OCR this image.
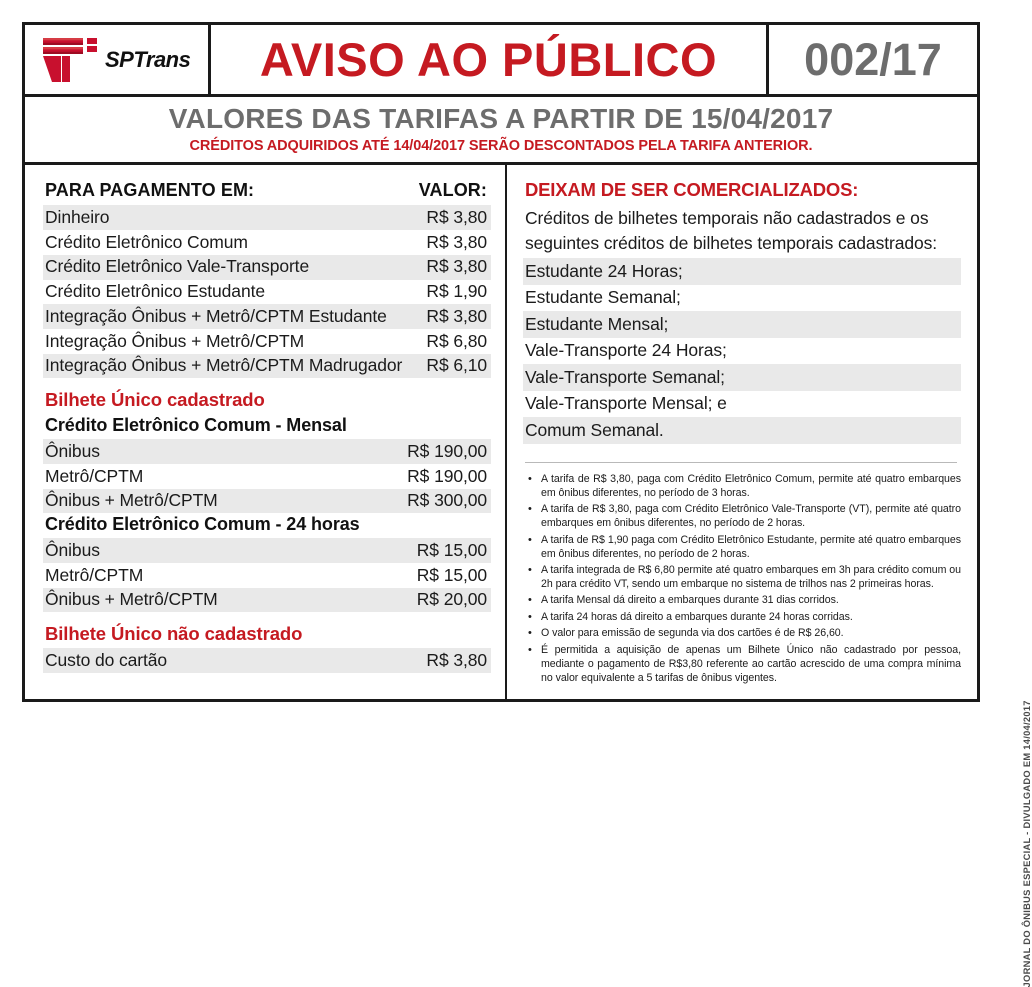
SPTrans AVISO AO PÚBLICO 002/17
VALORES DAS TARIFAS A PARTIR DE 15/04/2017
CRÉDITOS ADQUIRIDOS ATÉ 14/04/2017 SERÃO DESCONTADOS PELA TARIFA ANTERIOR.
PARA PAGAMENTO EM:	VALOR:
Dinheiro	R$ 3,80
Crédito Eletrônico Comum	R$ 3,80
Crédito Eletrônico Vale-Transporte	R$ 3,80
Crédito Eletrônico Estudante	R$ 1,90
Integração Ônibus + Metrô/CPTM Estudante R$ 3,80
Integração Ônibus + Metrô/CPTM	R$ 6,80
Integração Ônibus + Metrô/CPTM Madrugador R$ 6,10
Bilhete Único cadastrado
Crédito Eletrônico Comum - Mensal
Ônibus	R$ 190,00
Metrô/CPTM	R$ 190,00
Ônibus + Metrô/CPTM	R$ 300,00
Crédito Eletrônico Comum - 24 horas
Ônibus	R$ 15,00
Metrô/CPTM	R$ 15,00
Ônibus + Metrô/CPTM	R$ 20,00
Bilhete Único não cadastrado
Custo do cartão	R$ 3,80
DEIXAM DE SER COMERCIALIZADOS:
Créditos de bilhetes temporais não cadastrados e os seguintes créditos de bilhetes temporais cadastrados:
Estudante 24 Horas;
Estudante Semanal;
Estudante Mensal;
Vale-Transporte 24 Horas;
Vale-Transporte Semanal;
Vale-Transporte Mensal; e
Comum Semanal.
• A tarifa de R$ 3,80, paga com Crédito Eletrônico Comum, permite até quatro embarques em ônibus diferentes, no período de 3 horas.
• A tarifa de R$ 3,80, paga com Crédito Eletrônico Vale-Transporte (VT), permite até quatro embarques em ônibus diferentes, no período de 2 horas.
• A tarifa de R$ 1,90 paga com Crédito Eletrônico Estudante, permite até quatro embarques em ônibus diferentes, no período de 2 horas.
• A tarifa integrada de R$ 6,80 permite até quatro embarques em 3h para crédito comum ou 2h para crédito VT, sendo um embarque no sistema de trilhos nas 2 primeiras horas.
• A tarifa Mensal dá direito a embarques durante 31 dias corridos.
• A tarifa 24 horas dá direito a embarques durante 24 horas corridas.
• O valor para emissão de segunda via dos cartões é de R$ 26,60.
• É permitida a aquisição de apenas um Bilhete Único não cadastrado por pessoa, mediante o pagamento de R$3,80 referente ao cartão acrescido de uma compra mínima no valor equivalente a 5 tarifas de ônibus vigentes.
JORNAL DO ÔNIBUS ESPECIAL - DIVULGADO EM 14/04/2017
